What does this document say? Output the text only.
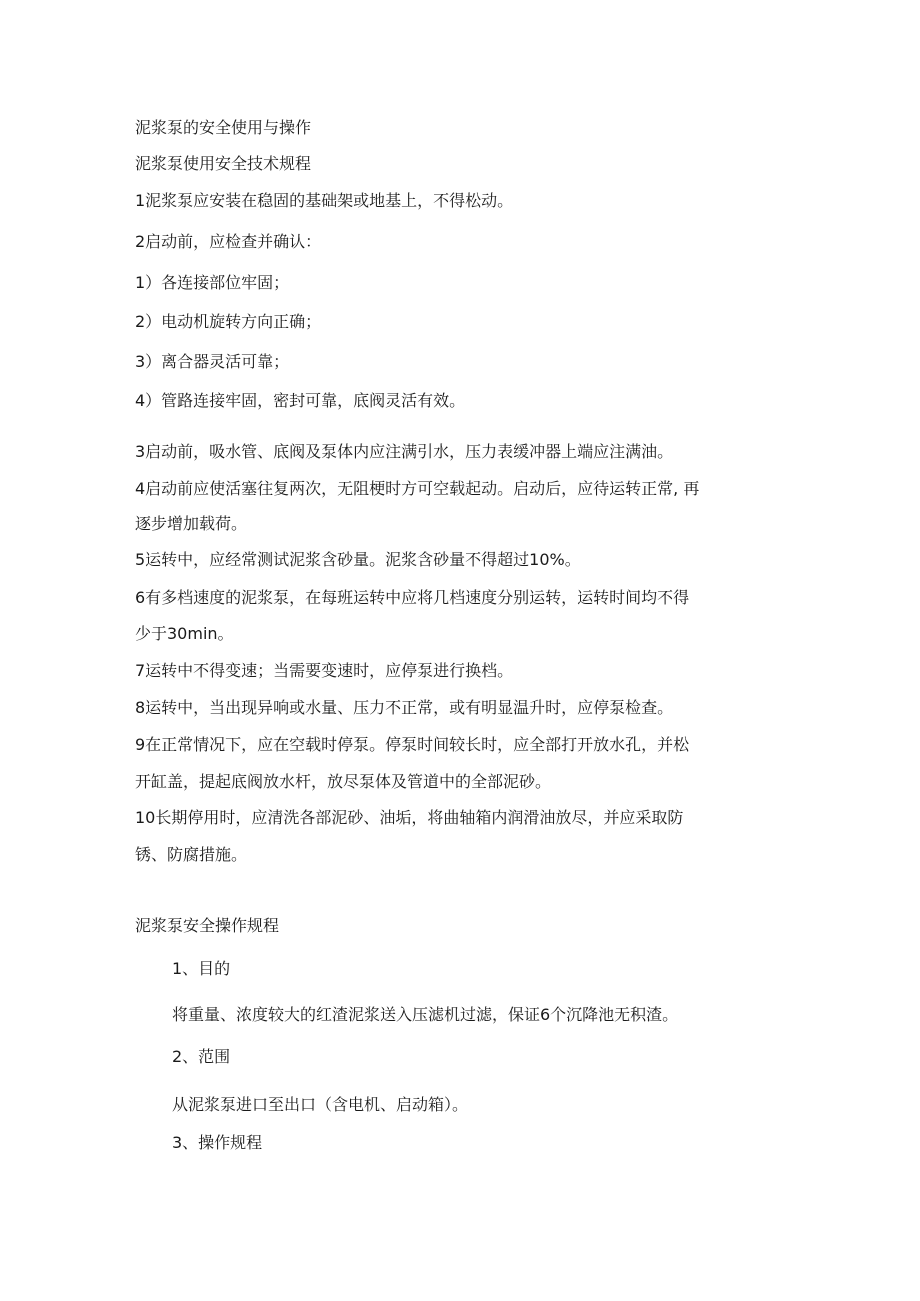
泥浆泵的安全使用与操作
泥浆泵使用安全技术规程
1泥浆泵应安装在稳固的基础架或地基上，不得松动。
2启动前，应检查并确认：
1）各连接部位牢固；
2）电动机旋转方向正确；
3）离合器灵活可靠；
4）管路连接牢固，密封可靠，底阀灵活有效。
3启动前，吸水管、底阀及泵体内应注满引水，压力表缓冲器上端应注满油。
4启动前应使活塞往复两次，无阻梗时方可空载起动。启动后，应待运转正常, 再
逐步增加载荷。
5运转中，应经常测试泥浆含砂量。泥浆含砂量不得超过10%。
6有多档速度的泥浆泵，在每班运转中应将几档速度分别运转，运转时间均不得
少于30min。
7运转中不得变速；当需要变速时，应停泵进行换档。
8运转中，当出现异响或水量、压力不正常，或有明显温升时，应停泵检查。
9在正常情况下，应在空载时停泵。停泵时间较长时，应全部打开放水孔，并松
开缸盖，提起底阀放水杆，放尽泵体及管道中的全部泥砂。
10长期停用时，应清洗各部泥砂、油垢，将曲轴箱内润滑油放尽，并应采取防
锈、防腐措施。
泥浆泵安全操作规程
1、目的
将重量、浓度较大的红渣泥浆送入压滤机过滤，保证6个沉降池无积渣。
2、范围
从泥浆泵进口至出口（含电机、启动箱）。
3、操作规程
